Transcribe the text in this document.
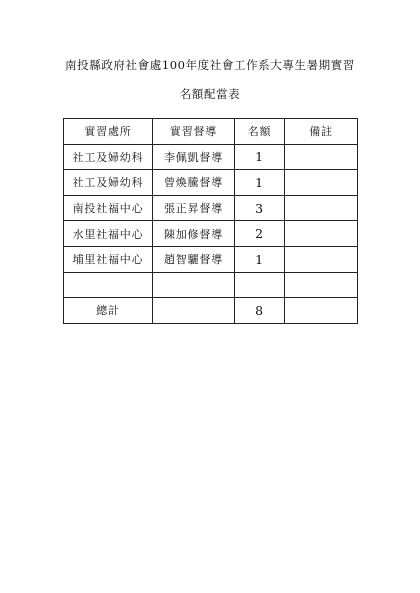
南投縣政府社會處100年度社會工作系大專生暑期實習
名額配當表
實習處所	實習督導	名額	備註
社工及婦幼科	李佩凱督導	1	
社工及婦幼科	曾煥騰督導	1	
南投社福中心	張正昇督導	3	
水里社福中心	陳加修督導	2	
埔里社福中心	趙智驪督導	1	

總計		8	
